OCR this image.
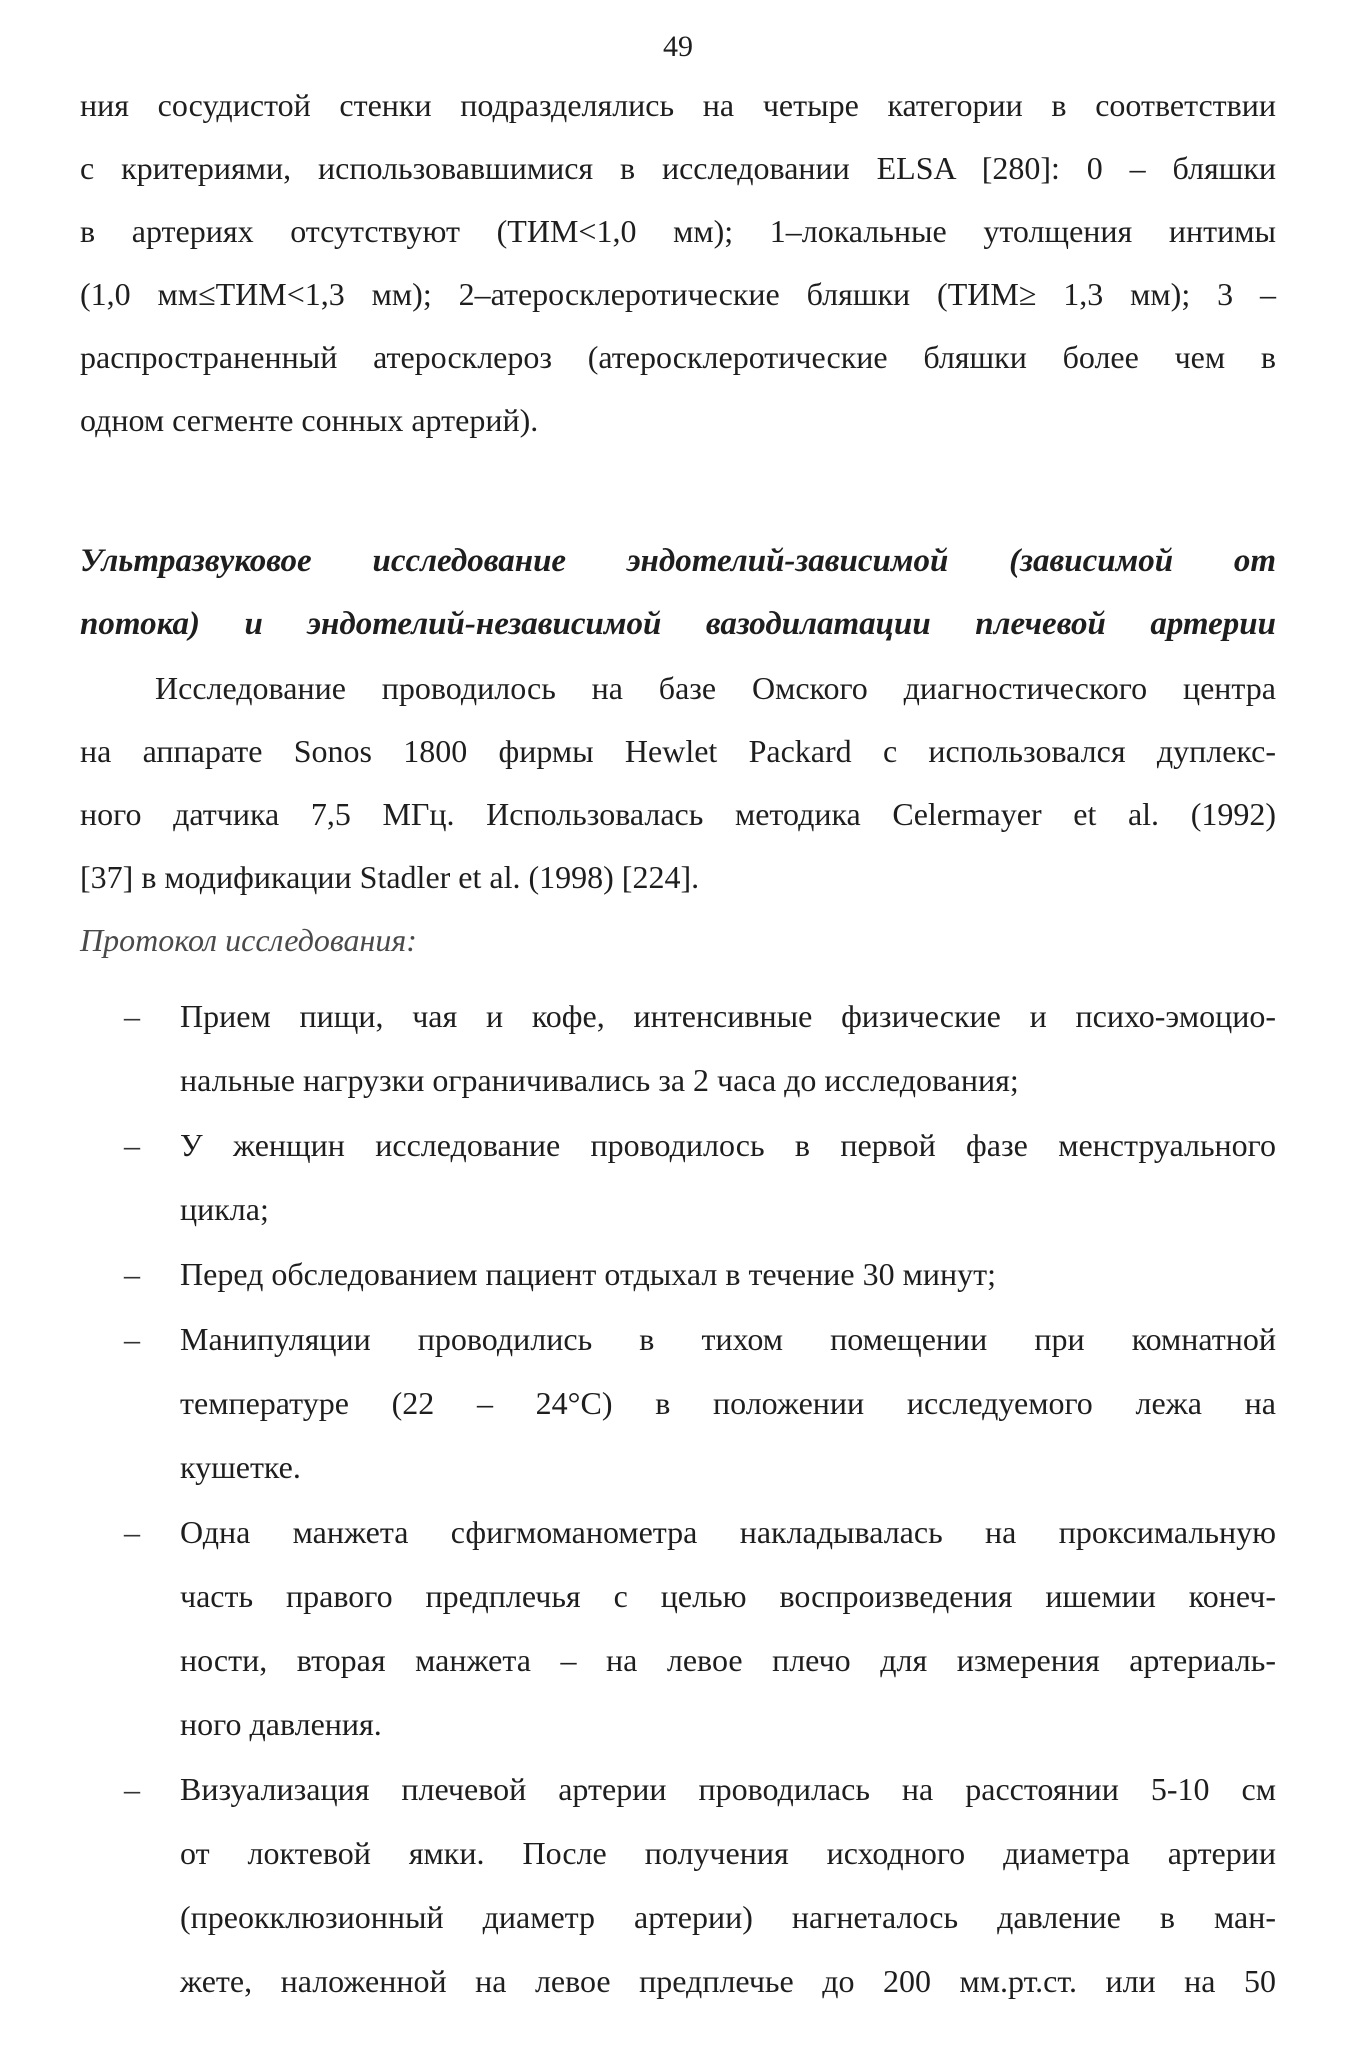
49
ния сосудистой стенки подразделялись на четыре категории в соответствии
с критериями, использовавшимися в исследовании ELSA [280]: 0 – бляшки
в артериях отсутствуют (ТИМ<1,0 мм); 1–локальные утолщения интимы
(1,0 мм≤ТИМ<1,3 мм); 2–атеросклеротические бляшки (ТИМ≥ 1,3 мм); 3 –
распространенный атеросклероз (атеросклеротические бляшки более чем в
одном сегменте сонных артерий).
Ультразвуковое исследование эндотелий-зависимой (зависимой от
потока) и эндотелий-независимой вазодилатации плечевой артерии
Исследование проводилось на базе Омского диагностического центра
на аппарате Sonos 1800 фирмы Hewlet Packard с использовался дуплекс-
ного датчика 7,5 МГц. Использовалась методика Celermayer et al. (1992)
[37] в модификации Stadler et al. (1998) [224].
Протокол исследования:
– Прием пищи, чая и кофе, интенсивные физические и психо-эмоцио-
нальные нагрузки ограничивались за 2 часа до исследования;
– У женщин исследование проводилось в первой фазе менструального
цикла;
– Перед обследованием пациент отдыхал в течение 30 минут;
– Манипуляции проводились в тихом помещении при комнатной
температуре (22 – 24°С) в положении исследуемого лежа на
кушетке.
– Одна манжета сфигмоманометра накладывалась на проксимальную
часть правого предплечья с целью воспроизведения ишемии конеч-
ности, вторая манжета – на левое плечо для измерения артериаль-
ного давления.
– Визуализация плечевой артерии проводилась на расстоянии 5-10 см
от локтевой ямки. После получения исходного диаметра артерии
(преокклюзионный диаметр артерии) нагнеталось давление в ман-
жете, наложенной на левое предплечье до 200 мм.рт.ст. или на 50
